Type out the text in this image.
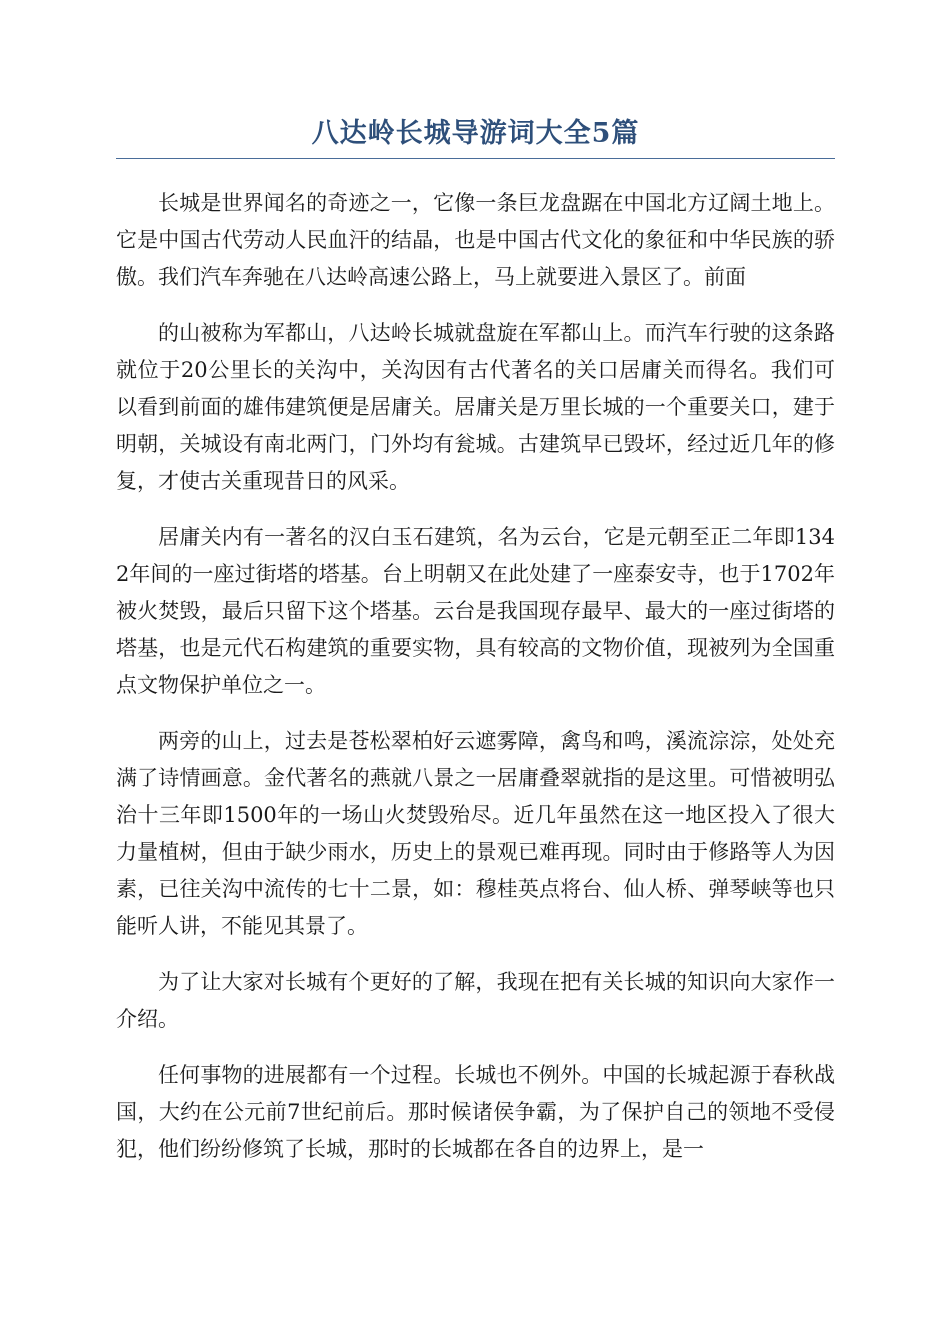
八达岭长城导游词大全5篇

长城是世界闻名的奇迹之一，它像一条巨龙盘踞在中国北方辽阔土地上。它是中国古代劳动人民血汗的结晶，也是中国古代文化的象征和中华民族的骄傲。我们汽车奔驰在八达岭高速公路上，马上就要进入景区了。前面

的山被称为军都山，八达岭长城就盘旋在军都山上。而汽车行驶的这条路就位于20公里长的关沟中，关沟因有古代著名的关口居庸关而得名。我们可以看到前面的雄伟建筑便是居庸关。居庸关是万里长城的一个重要关口，建于明朝，关城设有南北两门，门外均有瓮城。古建筑早已毁坏，经过近几年的修复，才使古关重现昔日的风采。

居庸关内有一著名的汉白玉石建筑，名为云台，它是元朝至正二年即1342年间的一座过街塔的塔基。台上明朝又在此处建了一座泰安寺，也于1702年被火焚毁，最后只留下这个塔基。云台是我国现存最早、最大的一座过街塔的塔基，也是元代石构建筑的重要实物，具有较高的文物价值，现被列为全国重点文物保护单位之一。

两旁的山上，过去是苍松翠柏好云遮雾障，禽鸟和鸣，溪流淙淙，处处充满了诗情画意。金代著名的燕就八景之一居庸叠翠就指的是这里。可惜被明弘治十三年即1500年的一场山火焚毁殆尽。近几年虽然在这一地区投入了很大力量植树，但由于缺少雨水，历史上的景观已难再现。同时由于修路等人为因素，已往关沟中流传的七十二景，如：穆桂英点将台、仙人桥、弹琴峡等也只能听人讲，不能见其景了。

为了让大家对长城有个更好的了解，我现在把有关长城的知识向大家作一介绍。

任何事物的进展都有一个过程。长城也不例外。中国的长城起源于春秋战国，大约在公元前7世纪前后。那时候诸侯争霸，为了保护自己的领地不受侵犯，他们纷纷修筑了长城，那时的长城都在各自的边界上，是一
